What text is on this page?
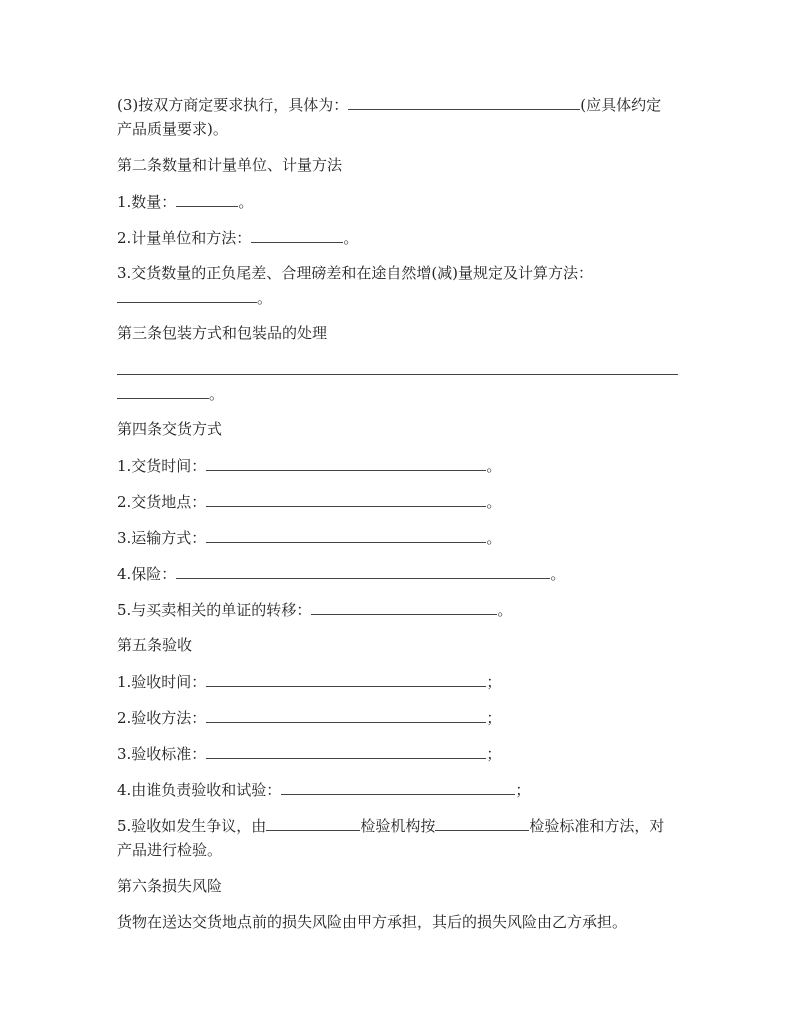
(3)按双方商定要求执行，具体为：	(应具体约定
产品质量要求)。
第二条数量和计量单位、计量方法
1.数量：	。
2.计量单位和方法：	。
3.交货数量的正负尾差、合理磅差和在途自然增(减)量规定及计算方法：
。
第三条包装方式和包装品的处理
。
第四条交货方式
1.交货时间：	。
2.交货地点：	。
3.运输方式：	。
4.保险：	。
5.与买卖相关的单证的转移：	。
第五条验收
1.验收时间：	；
2.验收方法：	；
3.验收标准：	；
4.由谁负责验收和试验：	；
5.验收如发生争议，由	检验机构按	检验标准和方法，对
产品进行检验。
第六条损失风险
货物在送达交货地点前的损失风险由甲方承担，其后的损失风险由乙方承担。
